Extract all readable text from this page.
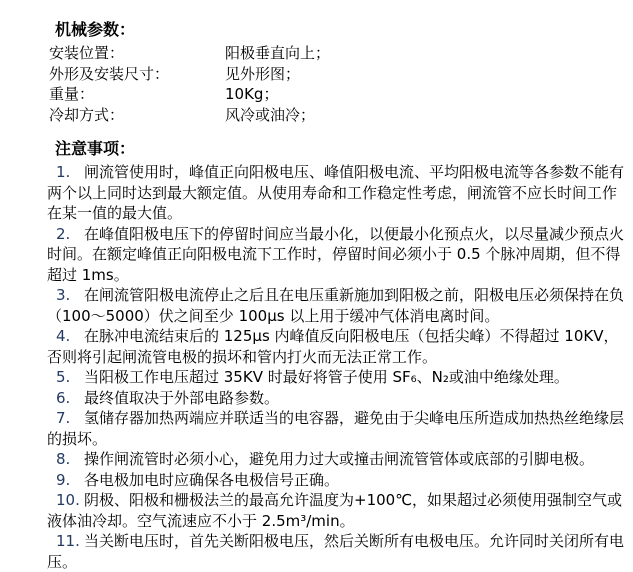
机械参数：
安装位置：	阳极垂直向上；
外形及安装尺寸：	见外形图；
重量：	10Kg；
冷却方式：	风冷或油冷；
注意事项：
1. 闸流管使用时，峰值正向阳极电压、峰值阳极电流、平均阳极电流等各参数不能有两个以上同时达到最大额定值。从使用寿命和工作稳定性考虑，闸流管不应长时间工作在某一值的最大值。
2. 在峰值阳极电压下的停留时间应当最小化，以便最小化预点火，以尽量减少预点火时间。在额定峰值正向阳极电流下工作时，停留时间必须小于 0.5 个脉冲周期，但不得超过 1ms。
3. 在闸流管阳极电流停止之后且在电压重新施加到阳极之前，阳极电压必须保持在负（100～5000）伏之间至少 100μs 以上用于缓冲气体消电离时间。
4. 在脉冲电流结束后的 125μs 内峰值反向阳极电压（包括尖峰）不得超过 10KV，否则将引起闸流管电极的损坏和管内打火而无法正常工作。
5. 当阳极工作电压超过 35KV 时最好将管子使用 SF₆、N₂或油中绝缘处理。
6. 最终值取决于外部电路参数。
7. 氢储存器加热两端应并联适当的电容器，避免由于尖峰电压所造成加热热丝绝缘层的损坏。
8. 操作闸流管时必须小心，避免用力过大或撞击闸流管管体或底部的引脚电极。
9. 各电极加电时应确保各电极信号正确。
10. 阴极、阳极和栅极法兰的最高允许温度为+100℃，如果超过必须使用强制空气或液体油冷却。空气流速应不小于 2.5m³/min。
11. 当关断电压时，首先关断阳极电压，然后关断所有电极电压。允许同时关闭所有电压。
